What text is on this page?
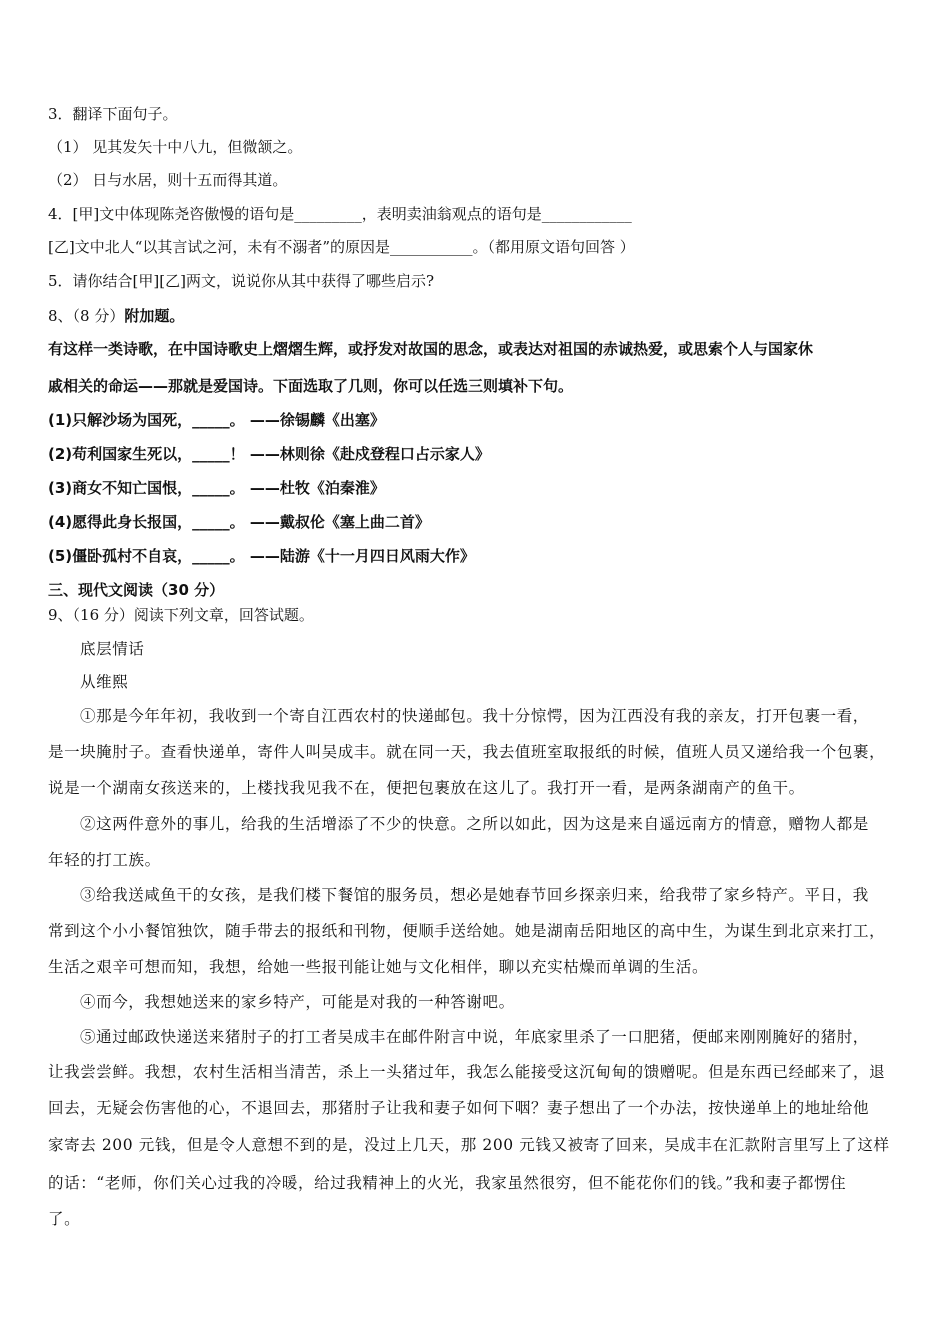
3．翻译下面句子。
（1） 见其发矢十中八九，但微颔之。
（2） 日与水居，则十五而得其道。
4．[甲]文中体现陈尧咨傲慢的语句是_________，表明卖油翁观点的语句是____________
[乙]文中北人“以其言试之河，未有不溺者”的原因是___________。（都用原文语句回答 ）
5．请你结合[甲][乙]两文，说说你从其中获得了哪些启示?
8、（8 分）附加题。
有这样一类诗歌，在中国诗歌史上熠熠生辉，或抒发对故国的思念，或表达对祖国的赤诚热爱，或思索个人与国家休
戚相关的命运——那就是爱国诗。下面选取了几则，你可以任选三则填补下句。
(1)只解沙场为国死，_____。 ——徐锡麟《出塞》
(2)苟利国家生死以，_____！ ——林则徐《赴戍登程口占示家人》
(3)商女不知亡国恨，_____。 ——杜牧《泊秦淮》
(4)愿得此身长报国，_____。 ——戴叔伦《塞上曲二首》
(5)僵卧孤村不自哀，_____。 ——陆游《十一月四日风雨大作》
三、现代文阅读（30 分）
9、（16 分）阅读下列文章，回答试题。
底层情话
从维熙
①那是今年年初，我收到一个寄自江西农村的快递邮包。我十分惊愕，因为江西没有我的亲友，打开包裹一看，
是一块腌肘子。查看快递单，寄件人叫吴成丰。就在同一天，我去值班室取报纸的时候，值班人员又递给我一个包裹，
说是一个湖南女孩送来的，上楼找我见我不在，便把包裹放在这儿了。我打开一看，是两条湖南产的鱼干。
②这两件意外的事儿，给我的生活增添了不少的快意。之所以如此，因为这是来自遥远南方的情意，赠物人都是
年轻的打工族。
③给我送咸鱼干的女孩，是我们楼下餐馆的服务员，想必是她春节回乡探亲归来，给我带了家乡特产。平日，我
常到这个小小餐馆独饮，随手带去的报纸和刊物，便顺手送给她。她是湖南岳阳地区的高中生，为谋生到北京来打工，
生活之艰辛可想而知，我想，给她一些报刊能让她与文化相伴，聊以充实枯燥而单调的生活。
④而今，我想她送来的家乡特产，可能是对我的一种答谢吧。
⑤通过邮政快递送来猪肘子的打工者吴成丰在邮件附言中说，年底家里杀了一口肥猪，便邮来刚刚腌好的猪肘，
让我尝尝鲜。我想，农村生活相当清苦，杀上一头猪过年，我怎么能接受这沉甸甸的馈赠呢。但是东西已经邮来了，退
回去，无疑会伤害他的心，不退回去，那猪肘子让我和妻子如何下咽？妻子想出了一个办法，按快递单上的地址给他
家寄去 200 元钱，但是令人意想不到的是，没过上几天，那 200 元钱又被寄了回来，吴成丰在汇款附言里写上了这样
的话：“老师，你们关心过我的冷暖，给过我精神上的火光，我家虽然很穷，但不能花你们的钱。”我和妻子都愣住
了。
